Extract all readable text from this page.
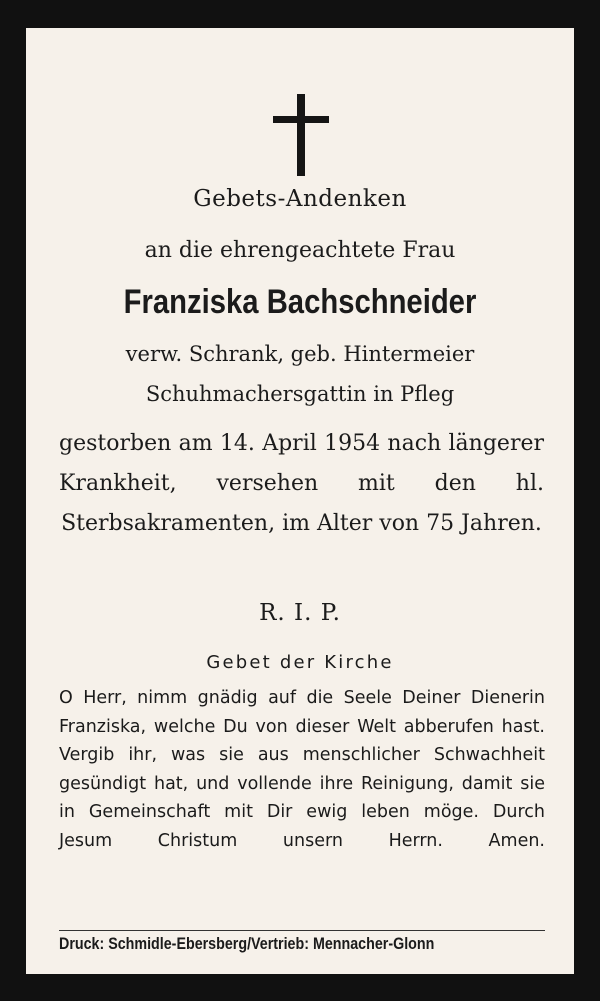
Gebets-Andenken
an die ehrengeachtete Frau
Franziska Bachschneider
verw. Schrank, geb. Hintermeier
Schuhmachersgattin in Pfleg
gestorben am 14. April 1954 nach längerer Krankheit, versehen mit den hl. Sterbsakramenten, im Alter von 75 Jahren.
R. I. P.
Gebet der Kirche
O Herr, nimm gnädig auf die Seele Deiner Dienerin Franziska, welche Du von dieser Welt abberufen hast. Vergib ihr, was sie aus menschlicher Schwachheit gesündigt hat, und vollende ihre Reinigung, damit sie in Gemeinschaft mit Dir ewig leben möge. Durch Jesum Christum unsern Herrn. Amen.
Druck: Schmidle-Ebersberg/Vertrieb: Mennacher-Glonn
